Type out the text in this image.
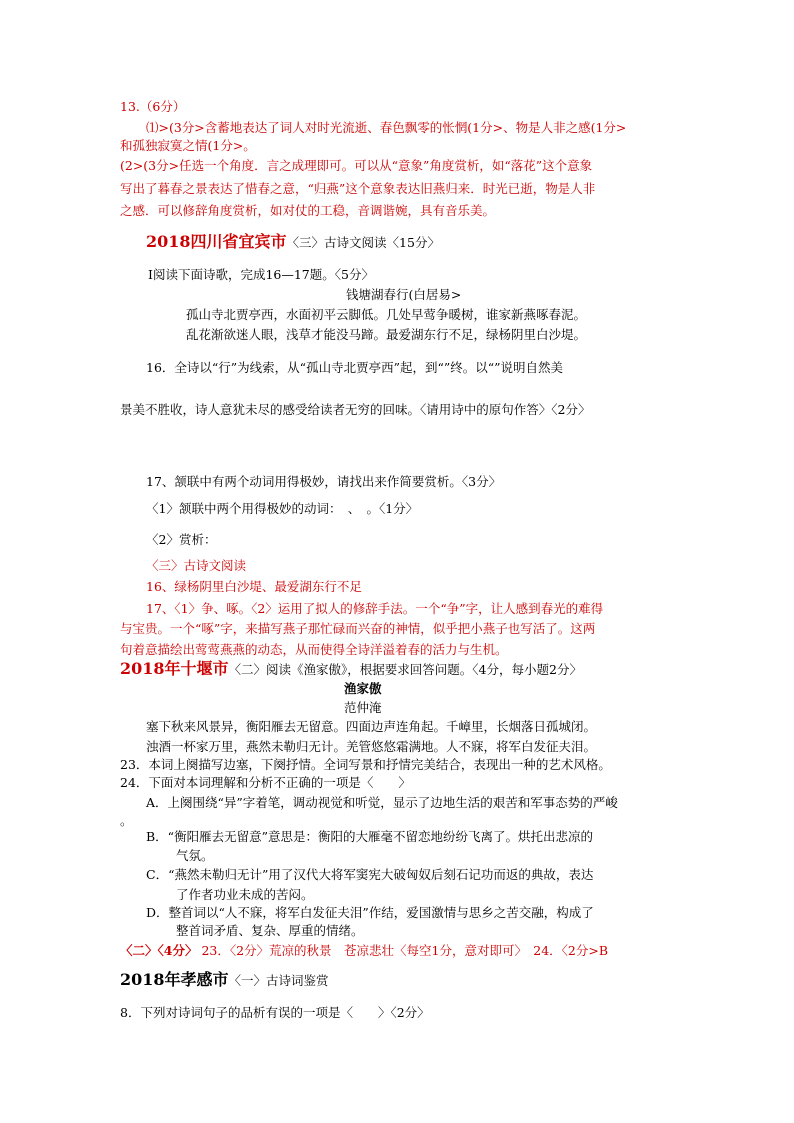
13.（6分）
⑴>(3分>含蓄地表达了词人对时光流逝、春色飘零的怅惘(1分>、物是人非之感(1分>
和孤独寂寞之情(1分>。
(2>(3分>任选一个角度．言之成理即可。可以从“意象”角度赏析，如“落花”这个意象
写出了暮春之景表达了惜春之意，“归燕”这个意象表达旧燕归来．时光已逝，物是人非
之感．可以修辞角度赏析，如对仗的工稳，音调谐婉，具有音乐美。
2018四川省宜宾市〈三〉古诗文阅读〈15分〉
Ⅰ阅读下面诗歌，完成16—17题。〈5分〉
钱塘湖春行(白居易>
孤山寺北贾亭西，水面初平云脚低。几处早莺争暖树，谁家新燕啄春泥。
乱花渐欲迷人眼，浅草才能没马蹄。最爱湖东行不足，绿杨阴里白沙堤。
16．全诗以“行”为线索，从“孤山寺北贾亭西”起，到“”终。以“”说明自然美
景美不胜收，诗人意犹未尽的感受给读者无穷的回味。〈请用诗中的原句作答〉〈2分〉
17、颔联中有两个动词用得极妙，请找出来作简要赏析。〈3分〉
〈1〉颔联中两个用得极妙的动词：　、　。〈1分〉
〈2〉赏析：
〈三〉古诗文阅读
16、绿杨阴里白沙堤、最爱湖东行不足
17、〈1〉争、啄。〈2〉运用了拟人的修辞手法。一个“争”字，让人感到春光的难得
与宝贵。一个“啄”字，来描写燕子那忙碌而兴奋的神情，似乎把小燕子也写活了。这两
句着意描绘出莺莺燕燕的动态，从而使得全诗洋溢着春的活力与生机。
2018年十堰市〈二〉阅读《渔家傲》，根据要求回答问题。〈4分，每小题2分〉
渔家傲
范仲淹
塞下秋来风景异，衡阳雁去无留意。四面边声连角起。千嶂里，长烟落日孤城闭。
浊酒一杯家万里，燕然未勒归无计。羌管悠悠霜满地。人不寐，将军白发征夫泪。
23．本词上阕描写边塞，下阕抒情。全词写景和抒情完美结合，表现出一种的艺术风格。
24．下面对本词理解和分析不正确的一项是〈　　〉
A．上阕围绕“异”字着笔，调动视觉和听觉，显示了边地生活的艰苦和军事态势的严峻
。
B．“衡阳雁去无留意”意思是：衡阳的大雁毫不留恋地纷纷飞离了。烘托出悲凉的
气氛。
C．“燕然未勒归无计”用了汉代大将军窦宪大破匈奴后刻石记功而返的典故，表达
了作者功业未成的苦闷。
D．整首词以“人不寐，将军白发征夫泪”作结，爱国激情与思乡之苦交融，构成了
整首词矛盾、复杂、厚重的情绪。
〈二〉〈4分〉 23．〈2分〉荒凉的秋景　苍凉悲壮〈每空1分，意对即可〉　24．〈2分>B
2018年孝感市〈一〉古诗词鉴赏
8．下列对诗词句子的品析有误的一项是〈　　〉〈2分〉
